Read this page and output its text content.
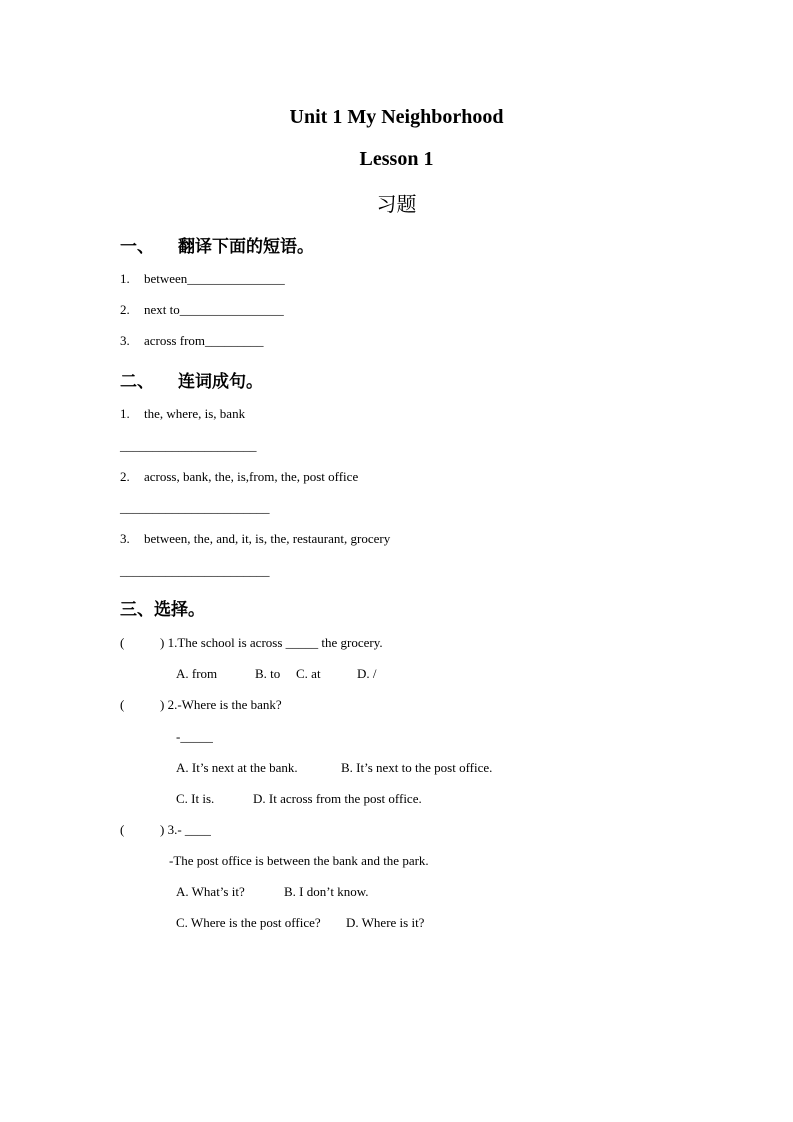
Unit 1 My Neighborhood
Lesson 1
习题
一、 翻译下面的短语。
1. between_______________
2. next to________________
3. across from_________
二、 连词成句。
1. the, where, is, bank
_____________________
2. across, bank, the, is,from, the, post office
_______________________
3. between, the, and, it, is, the, restaurant, grocery
_______________________
三、选择。
(	) 1.The school is across _____ the grocery.
A. from	B. to C. at	D. /
(	) 2.-Where is the bank?
-_____
A. It’s next at the bank.	B. It’s next to the post office.
C. It is.	D. It across from the post office.
(	) 3.- ____
-The post office is between the bank and the park.
A. What’s it?	B. I don’t know.
C. Where is the post office? D. Where is it?
